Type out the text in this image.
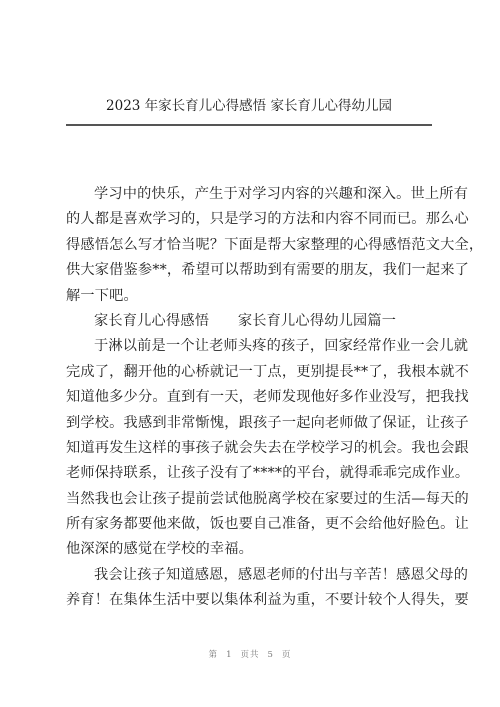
2023 年家长育儿心得感悟 家长育儿心得幼儿园
学习中的快乐，产生于对学习内容的兴趣和深入。世上所有
的人都是喜欢学习的，只是学习的方法和内容不同而已。那么心
得感悟怎么写才恰当呢？下面是帮大家整理的心得感悟范文大全，
供大家借鉴参**，希望可以帮助到有需要的朋友，我们一起来了
解一下吧。
家长育儿心得感悟　　家长育儿心得幼儿园篇一
于淋以前是一个让老师头疼的孩子，回家经常作业一会儿就
完成了，翻开他的心桥就记一丁点，更别提長**了，我根本就不
知道他多少分。直到有一天，老师发现他好多作业没写，把我找
到学校。我感到非常惭愧，跟孩子一起向老师做了保证，让孩子
知道再发生这样的事孩子就会失去在学校学习的机会。我也会跟
老师保持联系，让孩子没有了****的平台，就得乖乖完成作业。
当然我也会让孩子提前尝试他脱离学校在家要过的生活—每天的
所有家务都要他来做，饭也要自己准备，更不会给他好脸色。让
他深深的感觉在学校的幸福。
我会让孩子知道感恩，感恩老师的付出与辛苦！感恩父母的
养育！在集体生活中要以集体利益为重，不要计较个人得失，要
第 1 页共 5 页
